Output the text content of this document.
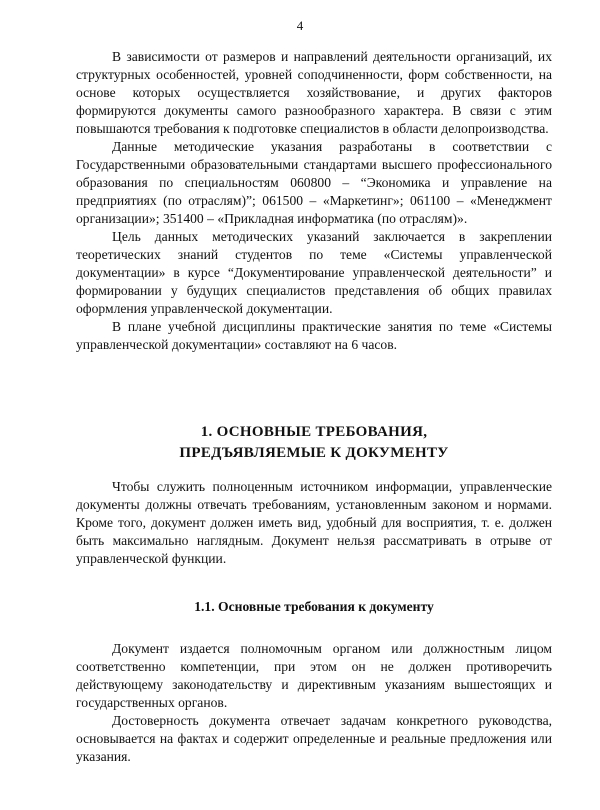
4

В зависимости от размеров и направлений деятельности организаций, их структурных особенностей, уровней соподчиненности, форм собственности, на основе которых осуществляется хозяйствование, и других факторов формируются документы самого разнообразного характера. В связи с этим повышаются требования к подготовке специалистов в области делопроизводства.

Данные методические указания разработаны в соответствии с Государственными образовательными стандартами высшего профессионального образования по специальностям 060800 – “Экономика и управление на предприятиях (по отраслям)”; 061500 – «Маркетинг»; 061100 – «Менеджмент организации»; 351400 – «Прикладная информатика (по отраслям)».

Цель данных методических указаний заключается в закреплении теоретических знаний студентов по теме «Системы управленческой документации» в курсе “Документирование управленческой деятельности” и формировании у будущих специалистов представления об общих правилах оформления управленческой документации.

В плане учебной дисциплины практические занятия по теме «Системы управленческой документации» составляют на 6 часов.

1. ОСНОВНЫЕ ТРЕБОВАНИЯ,
ПРЕДЪЯВЛЯЕМЫЕ К ДОКУМЕНТУ

Чтобы служить полноценным источником информации, управленческие документы должны отвечать требованиям, установленным законом и нормами. Кроме того, документ должен иметь вид, удобный для восприятия, т. е. должен быть максимально наглядным. Документ нельзя рассматривать в отрыве от управленческой функции.

1.1. Основные требования к документу

Документ издается полномочным органом или должностным лицом соответственно компетенции, при этом он не должен противоречить действующему законодательству и директивным указаниям вышестоящих и государственных органов.

Достоверность документа отвечает задачам конкретного руководства, основывается на фактах и содержит определенные и реальные предложения или указания.
